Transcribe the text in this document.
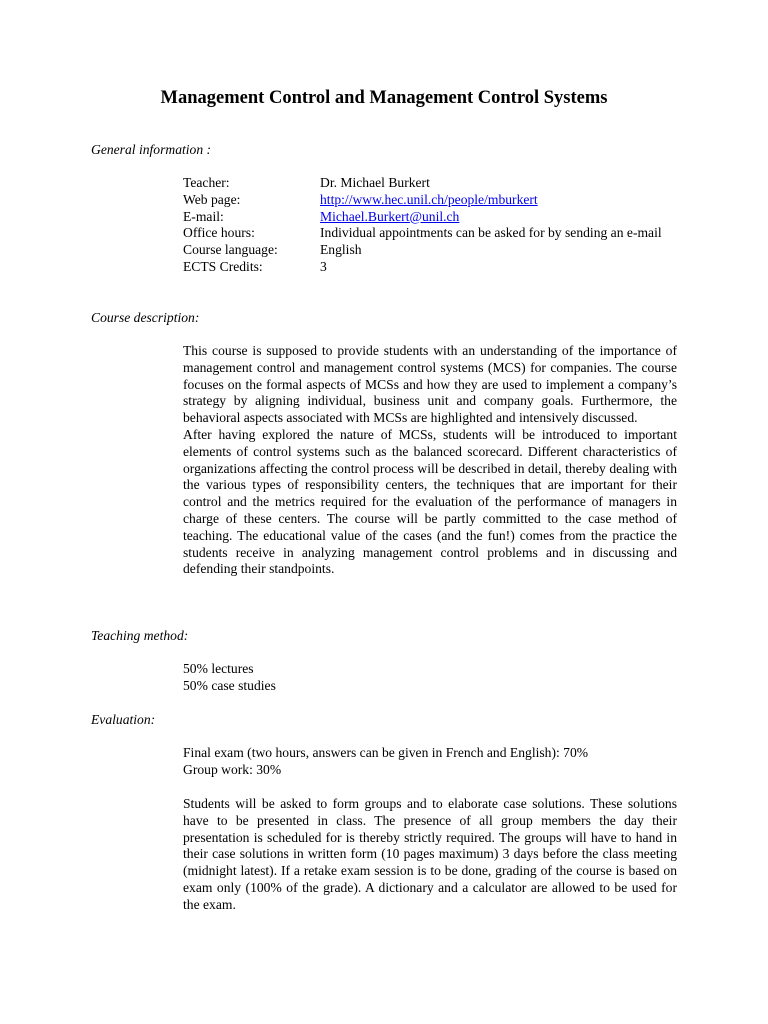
Management Control and Management Control Systems
General information :
Teacher:	Dr. Michael Burkert
Web page:	http://www.hec.unil.ch/people/mburkert
E-mail:	Michael.Burkert@unil.ch
Office hours:	Individual appointments can be asked for by sending an e-mail
Course language:	English
ECTS Credits:	3
Course description:

This course is supposed to provide students with an understanding of the importance of management control and management control systems (MCS) for companies. The course focuses on the formal aspects of MCSs and how they are used to implement a company’s strategy by aligning individual, business unit and company goals. Furthermore, the behavioral aspects associated with MCSs are highlighted and intensively discussed.

After having explored the nature of MCSs, students will be introduced to important elements of control systems such as the balanced scorecard. Different characteristics of organizations affecting the control process will be described in detail, thereby dealing with the various types of responsibility centers, the techniques that are important for their control and the metrics required for the evaluation of the performance of managers in charge of these centers. The course will be partly committed to the case method of teaching. The educational value of the cases (and the fun!) comes from the practice the students receive in analyzing management control problems and in discussing and defending their standpoints.

Teaching method:
50% lectures
50% case studies
Evaluation:
Final exam (two hours, answers can be given in French and English): 70%
Group work: 30%

Students will be asked to form groups and to elaborate case solutions. These solutions have to be presented in class. The presence of all group members the day their presentation is scheduled for is thereby strictly required. The groups will have to hand in their case solutions in written form (10 pages maximum) 3 days before the class meeting (midnight latest). If a retake exam session is to be done, grading of the course is based on exam only (100% of the grade). A dictionary and a calculator are allowed to be used for the exam.
